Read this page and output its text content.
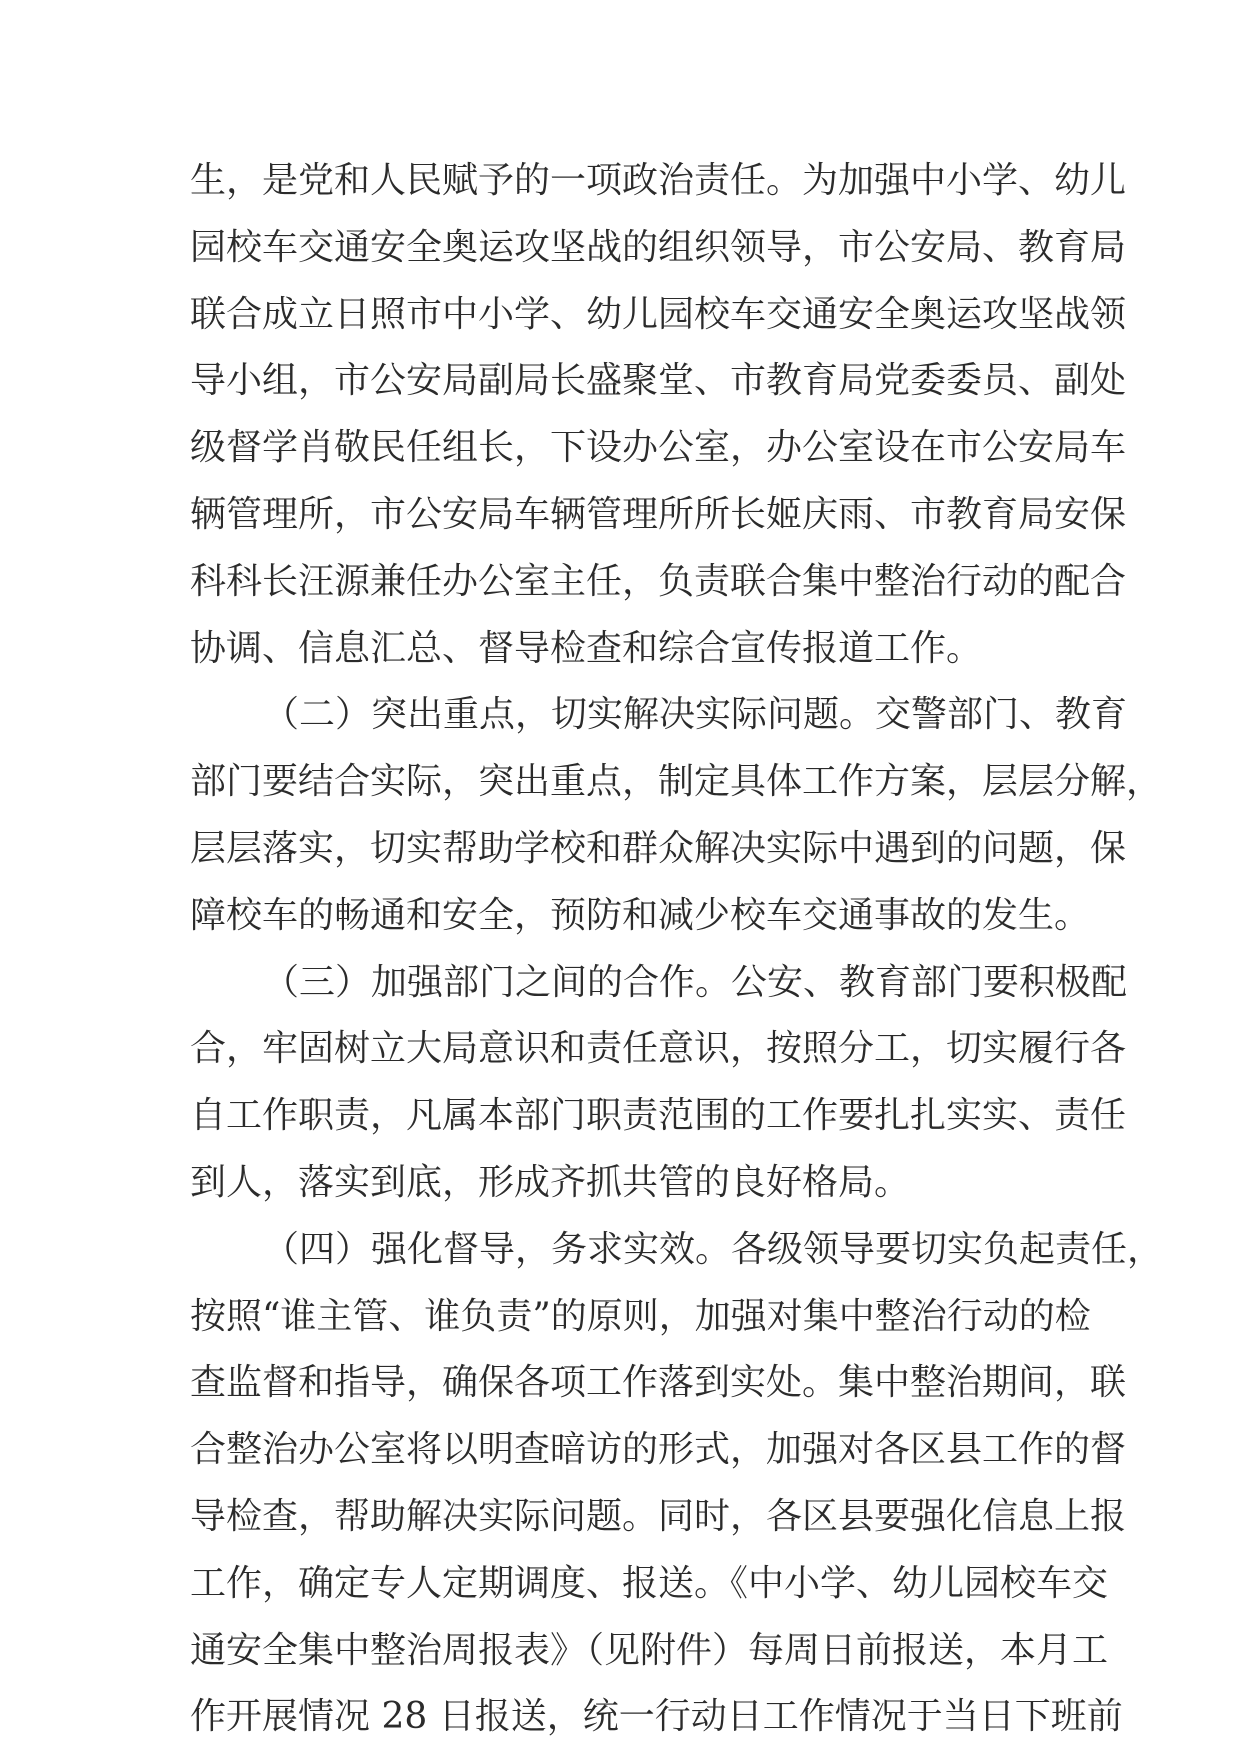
生，是党和人民赋予的一项政治责任。为加强中小学、幼儿
园校车交通安全奥运攻坚战的组织领导，市公安局、教育局
联合成立日照市中小学、幼儿园校车交通安全奥运攻坚战领
导小组，市公安局副局长盛聚堂、市教育局党委委员、副处
级督学肖敬民任组长，下设办公室，办公室设在市公安局车
辆管理所，市公安局车辆管理所所长姬庆雨、市教育局安保
科科长汪源兼任办公室主任，负责联合集中整治行动的配合
协调、信息汇总、督导检查和综合宣传报道工作。
（二）突出重点，切实解决实际问题。交警部门、教育
部门要结合实际，突出重点，制定具体工作方案，层层分解，
层层落实，切实帮助学校和群众解决实际中遇到的问题，保
障校车的畅通和安全，预防和减少校车交通事故的发生。
（三）加强部门之间的合作。公安、教育部门要积极配
合，牢固树立大局意识和责任意识，按照分工，切实履行各
自工作职责，凡属本部门职责范围的工作要扎扎实实、责任
到人，落实到底，形成齐抓共管的良好格局。
（四）强化督导，务求实效。各级领导要切实负起责任，
按照“谁主管、谁负责”的原则，加强对集中整治行动的检
查监督和指导，确保各项工作落到实处。集中整治期间，联
合整治办公室将以明查暗访的形式，加强对各区县工作的督
导检查，帮助解决实际问题。同时，各区县要强化信息上报
工作，确定专人定期调度、报送。《中小学、幼儿园校车交
通安全集中整治周报表》（见附件）每周日前报送，本月工
作开展情况 28 日报送，统一行动日工作情况于当日下班前
